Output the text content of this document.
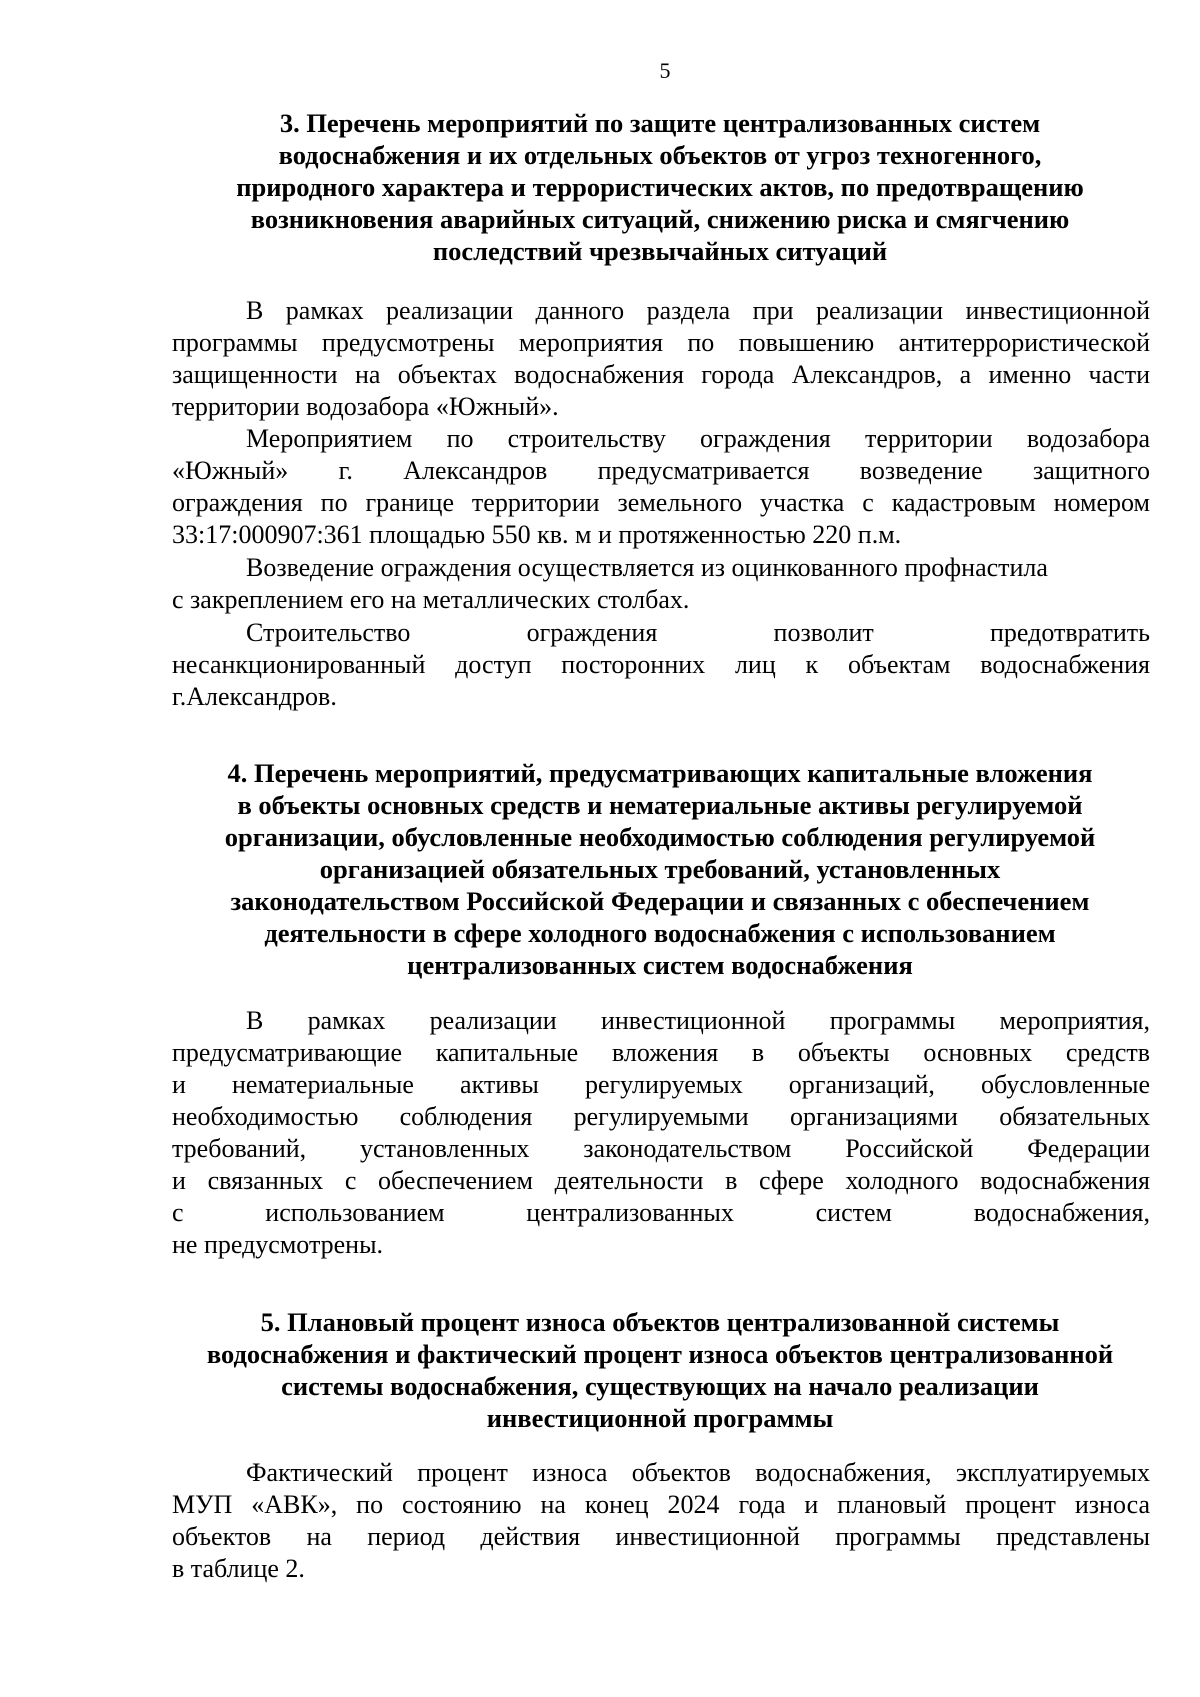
5
3. Перечень мероприятий по защите централизованных систем
водоснабжения и их отдельных объектов от угроз техногенного,
природного характера и террористических актов, по предотвращению
возникновения аварийных ситуаций, снижению риска и смягчению
последствий чрезвычайных ситуаций
В рамках реализации данного раздела при реализации инвестиционной
программы предусмотрены мероприятия по повышению антитеррористической
защищенности на объектах водоснабжения города Александров, а именно части
территории водозабора «Южный».
Мероприятием по строительству ограждения территории водозабора
«Южный» г. Александров предусматривается возведение защитного
ограждения по границе территории земельного участка с кадастровым номером
33:17:000907:361 площадью 550 кв. м и протяженностью 220 п.м.
Возведение ограждения осуществляется из оцинкованного профнастила
с закреплением его на металлических столбах.
Строительство ограждения позволит предотвратить
несанкционированный доступ посторонних лиц к объектам водоснабжения
г.Александров.
4. Перечень мероприятий, предусматривающих капитальные вложения
в объекты основных средств и нематериальные активы регулируемой
организации, обусловленные необходимостью соблюдения регулируемой
организацией обязательных требований, установленных
законодательством Российской Федерации и связанных с обеспечением
деятельности в сфере холодного водоснабжения с использованием
централизованных систем водоснабжения
В рамках реализации инвестиционной программы мероприятия,
предусматривающие капитальные вложения в объекты основных средств
и нематериальные активы регулируемых организаций, обусловленные
необходимостью соблюдения регулируемыми организациями обязательных
требований, установленных законодательством Российской Федерации
и связанных с обеспечением деятельности в сфере холодного водоснабжения
с использованием централизованных систем водоснабжения,
не предусмотрены.
5. Плановый процент износа объектов централизованной системы
водоснабжения и фактический процент износа объектов централизованной
системы водоснабжения, существующих на начало реализации
инвестиционной программы
Фактический процент износа объектов водоснабжения, эксплуатируемых
МУП «АВК», по состоянию на конец 2024 года и плановый процент износа
объектов на период действия инвестиционной программы представлены
в таблице 2.
